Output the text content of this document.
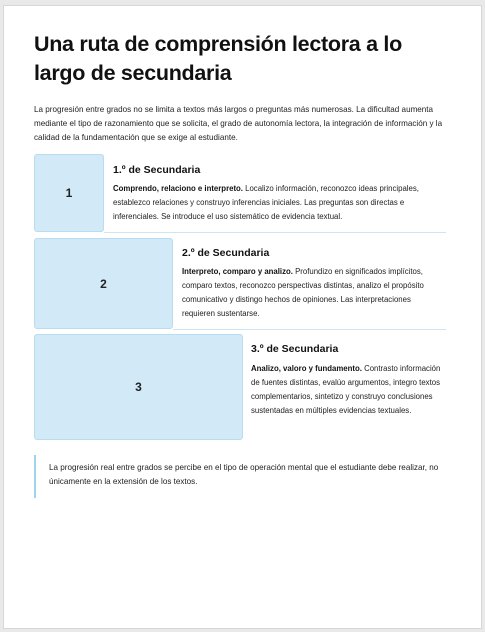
Una ruta de comprensión lectora a lo largo de secundaria

La progresión entre grados no se limita a textos más largos o preguntas más numerosas. La dificultad aumenta mediante el tipo de razonamiento que se solicita, el grado de autonomía lectora, la integración de información y la calidad de la fundamentación que se exige al estudiante.

1
1.º de Secundaria
Comprendo, relaciono e interpreto. Localizo información, reconozco ideas principales, establezco relaciones y construyo inferencias iniciales. Las preguntas son directas e inferenciales. Se introduce el uso sistemático de evidencia textual.
2
2.º de Secundaria
Interpreto, comparo y analizo. Profundizo en significados implícitos, comparo textos, reconozco perspectivas distintas, analizo el propósito comunicativo y distingo hechos de opiniones. Las interpretaciones requieren sustentarse.
3
3.º de Secundaria
Analizo, valoro y fundamento. Contrasto información de fuentes distintas, evalúo argumentos, integro textos complementarios, sintetizo y construyo conclusiones sustentadas en múltiples evidencias textuales.
La progresión real entre grados se percibe en el tipo de operación mental que el estudiante debe realizar, no únicamente en la extensión de los textos.
